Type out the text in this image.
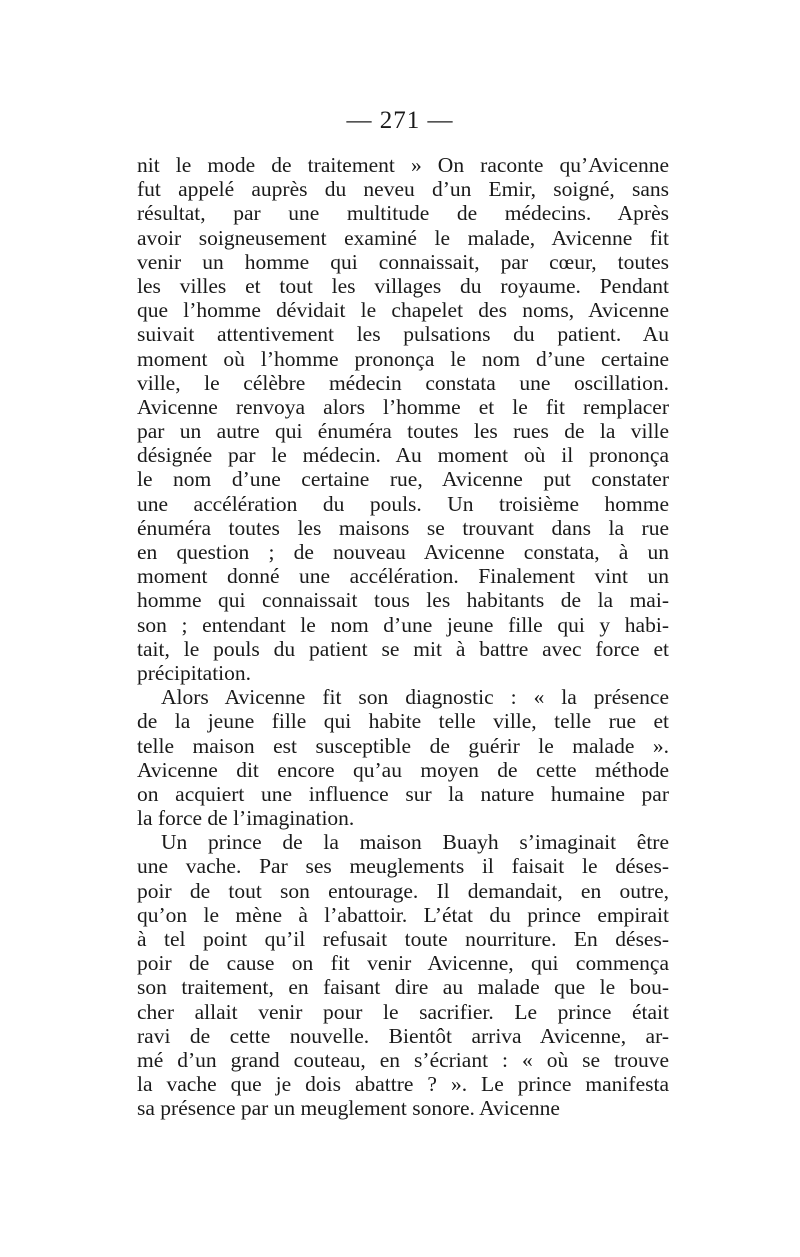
— 271 —
nit le mode de traitement » On raconte qu’Avicenne
fut appelé auprès du neveu d’un Emir, soigné, sans
résultat, par une multitude de médecins. Après
avoir soigneusement examiné le malade, Avicenne fit
venir un homme qui connaissait, par cœur, toutes
les villes et tout les villages du royaume. Pendant
que l’homme dévidait le chapelet des noms, Avicenne
suivait attentivement les pulsations du patient. Au
moment où l’homme prononça le nom d’une certaine
ville, le célèbre médecin constata une oscillation.
Avicenne renvoya alors l’homme et le fit remplacer
par un autre qui énuméra toutes les rues de la ville
désignée par le médecin. Au moment où il prononça
le nom d’une certaine rue, Avicenne put constater
une accélération du pouls. Un troisième homme
énuméra toutes les maisons se trouvant dans la rue
en question ; de nouveau Avicenne constata, à un
moment donné une accélération. Finalement vint un
homme qui connaissait tous les habitants de la mai-
son ; entendant le nom d’une jeune fille qui y habi-
tait, le pouls du patient se mit à battre avec force et
précipitation.
Alors Avicenne fit son diagnostic : « la présence
de la jeune fille qui habite telle ville, telle rue et
telle maison est susceptible de guérir le malade ».
Avicenne dit encore qu’au moyen de cette méthode
on acquiert une influence sur la nature humaine par
la force de l’imagination.
Un prince de la maison Buayh s’imaginait être
une vache. Par ses meuglements il faisait le déses-
poir de tout son entourage. Il demandait, en outre,
qu’on le mène à l’abattoir. L’état du prince empirait
à tel point qu’il refusait toute nourriture. En déses-
poir de cause on fit venir Avicenne, qui commença
son traitement, en faisant dire au malade que le bou-
cher allait venir pour le sacrifier. Le prince était
ravi de cette nouvelle. Bientôt arriva Avicenne, ar-
mé d’un grand couteau, en s’écriant : « où se trouve
la vache que je dois abattre ? ». Le prince manifesta
sa présence par un meuglement sonore. Avicenne
